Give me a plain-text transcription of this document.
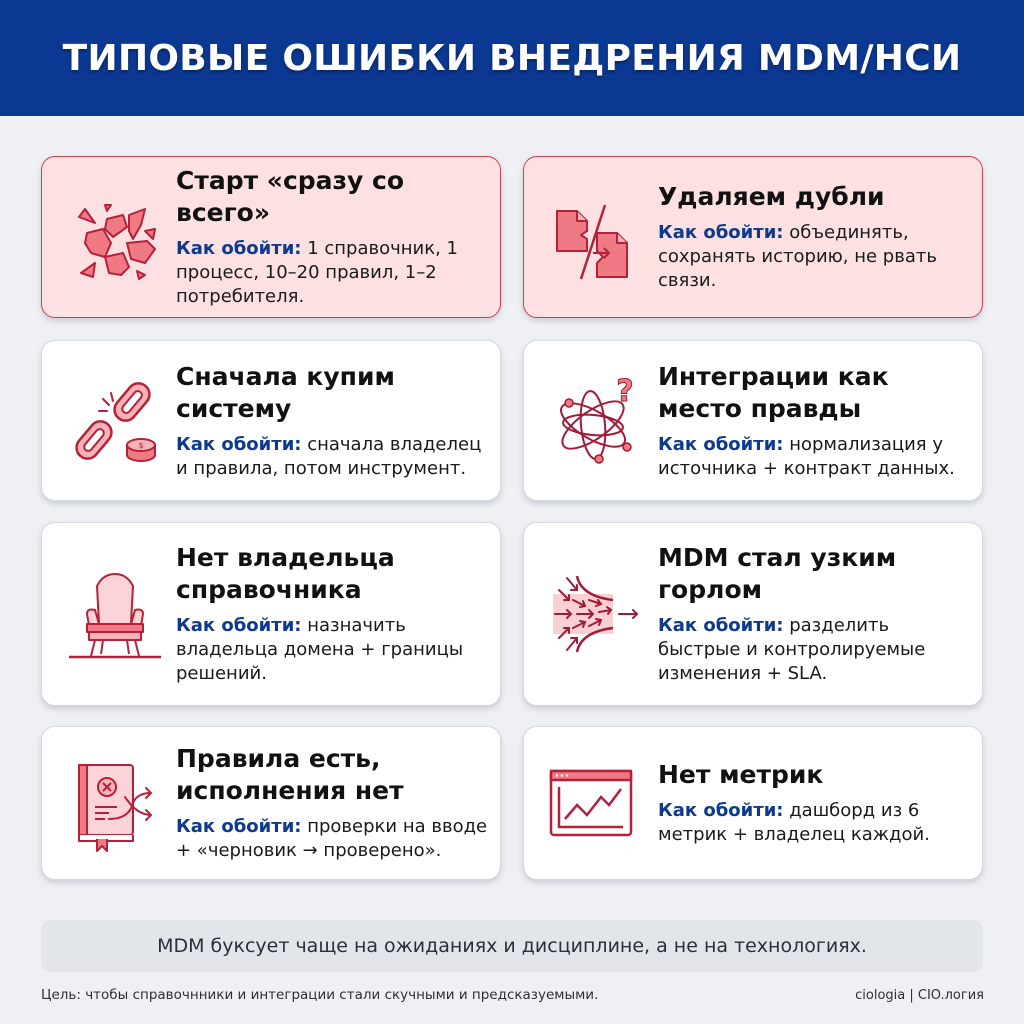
ТИПОВЫЕ ОШИБКИ ВНЕДРЕНИЯ MDM/НСИ
Старт «сразу со всего»
Как обойти: 1 справочник, 1 процесс, 10–20 правил, 1–2 потребителя.
Удаляем дубли
Как обойти: объединять, сохранять историю, не рвать связи.
$
Сначала купим систему
Как обойти: сначала владелец и правила, потом инструмент.
? Интеграции как место правды
Как обойти: нормализация у источника + контракт данных.
Нет владельца справочника
Как обойти: назначить владельца домена + границы решений.
MDM стал узким горлом
Как обойти: разделить быстрые и контролируемые изменения + SLA.
Правила есть, исполнения нет
Как обойти: проверки на вводе + «черновик → проверено».
Нет метрик
Как обойти: дашборд из 6 метрик + владелец каждой.
MDM буксует чаще на ожиданиях и дисциплине, а не на технологиях.
Цель: чтобы справочнники и интеграции стали скучными и предсказуемыми.	ciologia | CIO.логия
